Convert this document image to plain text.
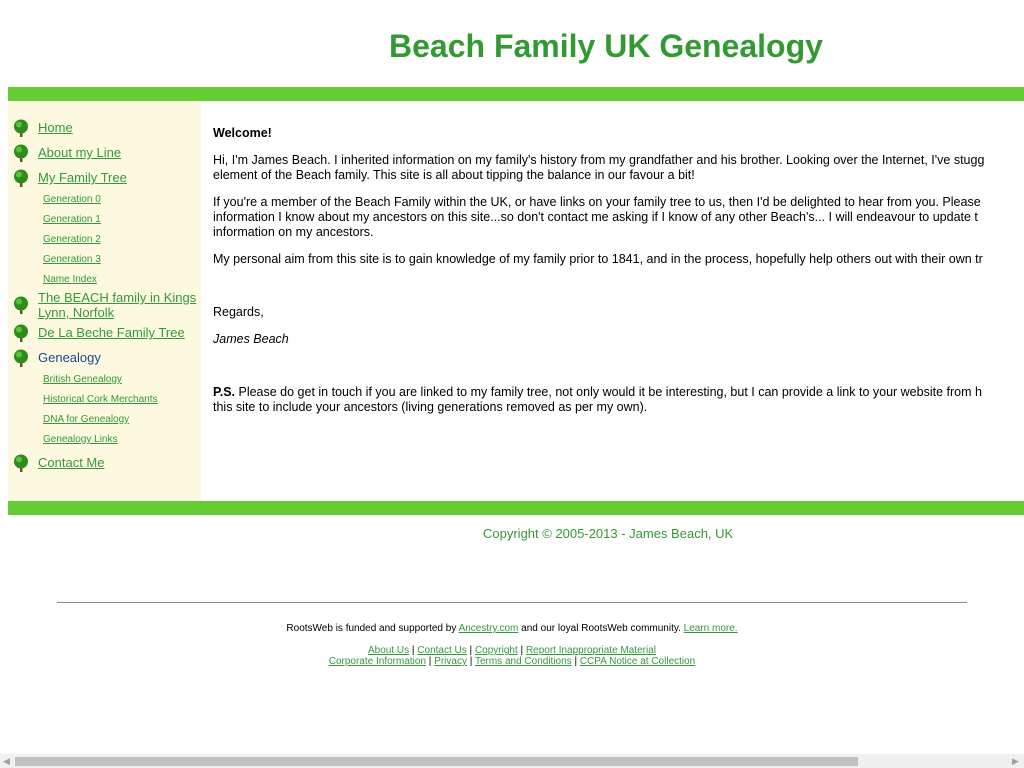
Beach Family UK Genealogy
Home
About my Line
My Family Tree
Generation 0
Generation 1
Generation 2
Generation 3
Name Index
The BEACH family in Kings
Lynn, Norfolk
De La Beche Family Tree
Genealogy
British Genealogy
Historical Cork Merchants
DNA for Genealogy
Genealogy Links
Contact Me

Welcome!

Hi, I'm James Beach. I inherited information on my family's history from my grandfather and his brother. Looking over the Internet, I've stugg

element of the Beach family. This site is all about tipping the balance in our favour a bit!

If you're a member of the Beach Family within the UK, or have links on your family tree to us, then I'd be delighted to hear from you. Please

information I know about my ancestors on this site...so don't contact me asking if I know of any other Beach's... I will endeavour to update t

information on my ancestors.

My personal aim from this site is to gain knowledge of my family prior to 1841, and in the process, hopefully help others out with their own tr

Regards,

James Beach

P.S. Please do get in touch if you are linked to my family tree, not only would it be interesting, but I can provide a link to your website from h

this site to include your ancestors (living generations removed as per my own).

Copyright © 2005-2013 - James Beach, UK
RootsWeb is funded and supported by Ancestry.com and our loyal RootsWeb community. Learn more.
About Us | Contact Us | Copyright | Report Inappropriate Material
Corporate Information | Privacy | Terms and Conditions | CCPA Notice at Collection
◀	▶
